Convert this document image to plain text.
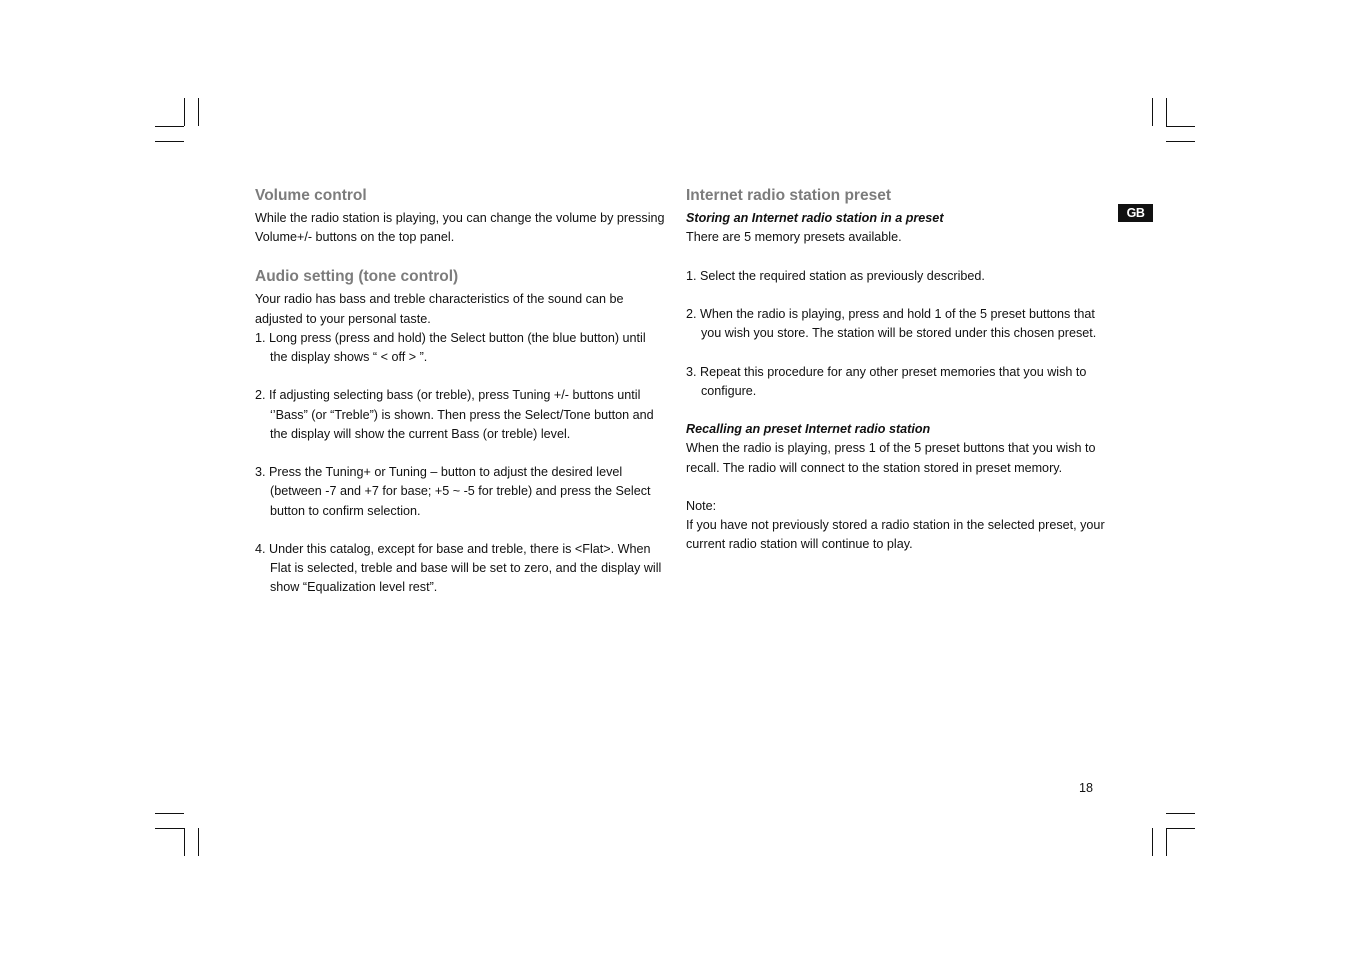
Volume control

While the radio station is playing, you can change the volume by pressing Volume+/- buttons on the top panel.

Audio setting (tone control)

Your radio has bass and treble characteristics of the sound can be adjusted to your personal taste.

1. Long press (press and hold) the Select button (the blue button) until the display shows “ < off > ”.

2. If adjusting selecting bass (or treble), press Tuning +/- buttons until ‘’Bass” (or “Treble”) is shown. Then press the Select/Tone button and the display will show the current Bass (or treble) level.

3. Press the Tuning+ or Tuning – button to adjust the desired level (between -7 and +7 for base; +5 ~ -5 for treble) and press the Select button to confirm selection.

4. Under this catalog, except for base and treble, there is <Flat>. When Flat is selected, treble and base will be set to zero, and the display will show “Equalization level rest”.

Internet radio station preset

Storing an Internet radio station in a preset

There are 5 memory presets available.

1. Select the required station as previously described.

2. When the radio is playing, press and hold 1 of the 5 preset buttons that you wish you store. The station will be stored under this chosen preset.

3. Repeat this procedure for any other preset memories that you wish to configure.

Recalling an preset Internet radio station

When the radio is playing, press 1 of the 5 preset buttons that you wish to recall. The radio will connect to the station stored in preset memory.

Note:

If you have not previously stored a radio station in the selected preset, your current radio station will continue to play.

GB
18
